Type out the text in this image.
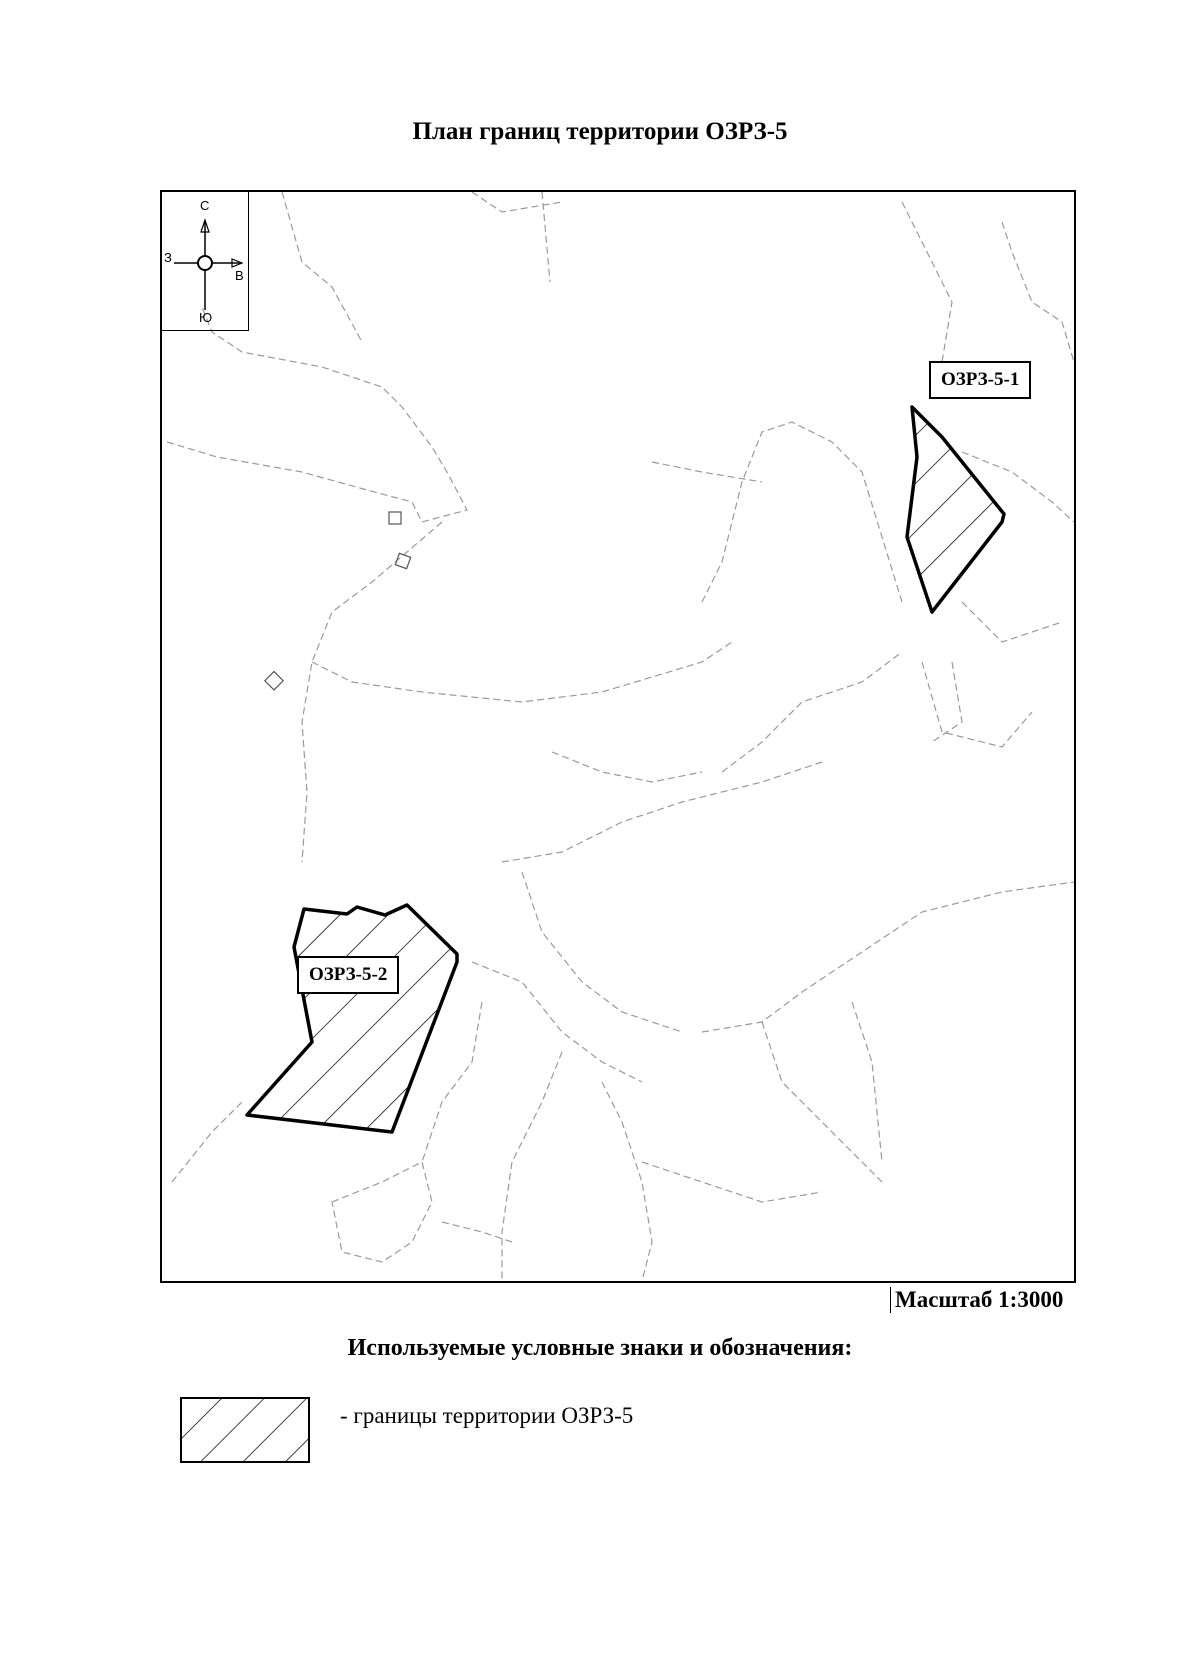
План границ территории ОЗРЗ-5
С
З
В
Ю
ОЗРЗ-5-1
ОЗРЗ-5-2
Масштаб 1:3000
Используемые условные знаки и обозначения:
- границы территории ОЗРЗ-5
